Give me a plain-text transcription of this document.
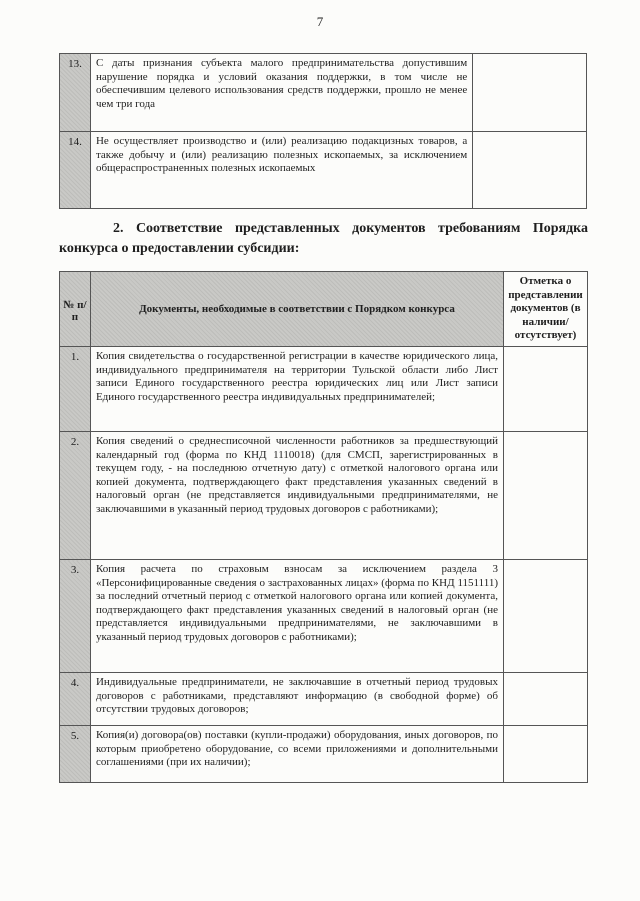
7
13.	С даты признания субъекта малого предпринимательства допустившим нарушение порядка и условий оказания поддержки, в том числе не обеспечившим целевого использования средств поддержки, прошло не менее чем три года	
14.	Не осуществляет производство и (или) реализацию подакцизных товаров, а также добычу и (или) реализацию полезных ископаемых, за исключением общераспространенных полезных ископаемых	
2. Соответствие представленных документов требованиям Порядка конкурса о предоставлении субсидии:
№ п/п	Документы, необходимые в соответствии с Порядком конкурса	Отметка о представлении документов (в наличии/ отсутствует)
1.	Копия свидетельства о государственной регистрации в качестве юридического лица, индивидуального предпринимателя на территории Тульской области либо Лист записи Единого государственного реестра юридических лиц или Лист записи Единого государственного реестра индивидуальных предпринимателей;	
2.	Копия сведений о среднесписочной численности работников за предшествующий календарный год (форма по КНД 1110018) (для СМСП, зарегистрированных в текущем году, - на последнюю отчетную дату) с отметкой налогового органа или копией документа, подтверждающего факт представления указанных сведений в налоговый орган (не представляется индивидуальными предпринимателями, не заключавшими в указанный период трудовых договоров с работниками);	
3.	Копия расчета по страховым взносам за исключением раздела 3 «Персонифицированные сведения о застрахованных лицах» (форма по КНД 1151111) за последний отчетный период с отметкой налогового органа или копией документа, подтверждающего факт представления указанных сведений в налоговый орган (не представляется индивидуальными предпринимателями, не заключавшими в указанный период трудовых договоров с работниками);	
4.	Индивидуальные предприниматели, не заключавшие в отчетный период трудовых договоров с работниками, представляют информацию (в свободной форме) об отсутствии трудовых договоров;	
5.	Копия(и) договора(ов) поставки (купли-продажи) оборудования, иных договоров, по которым приобретено оборудование, со всеми приложениями и дополнительными соглашениями (при их наличии);	
